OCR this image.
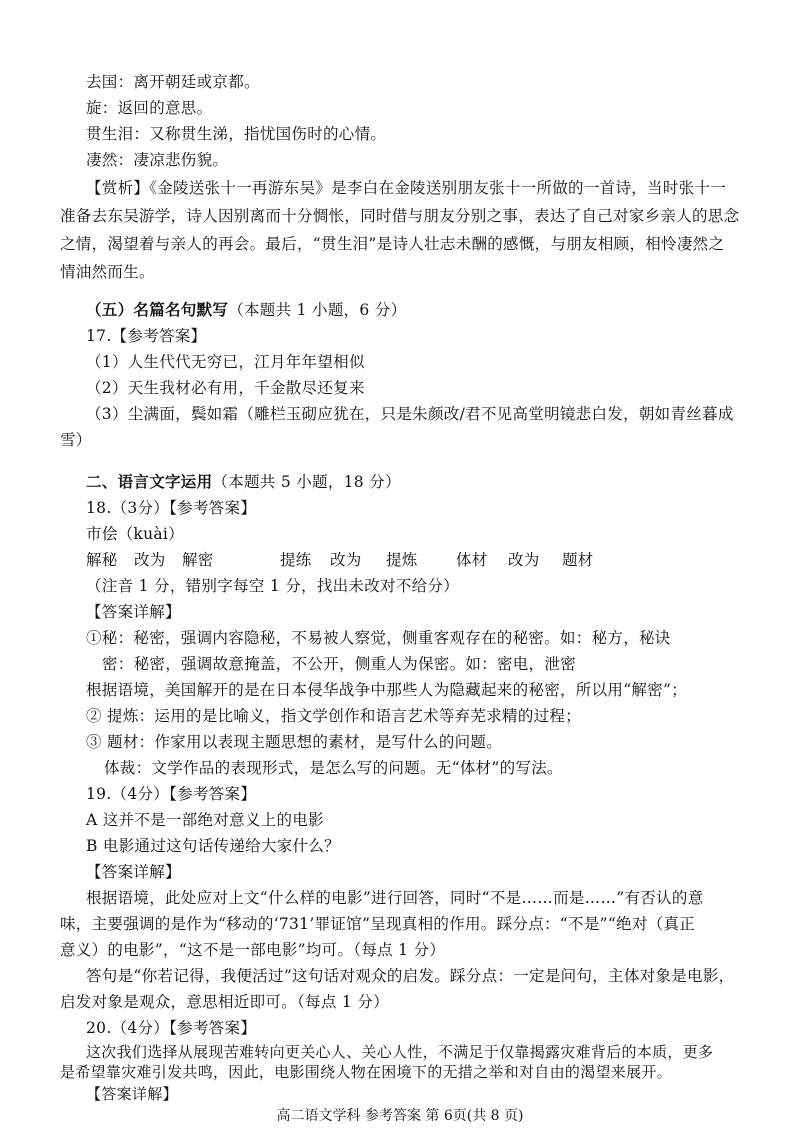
去国：离开朝廷或京都。
旋：返回的意思。
贯生泪：又称贯生涕，指忧国伤时的心情。
凄然：凄凉悲伤貌。
【赏析】《金陵送张十一再游东吴》是李白在金陵送别朋友张十一所做的一首诗，当时张十一
准备去东吴游学，诗人因别离而十分惆怅，同时借与朋友分别之事，表达了自己对家乡亲人的思念
之情，渴望着与亲人的再会。最后，“贯生泪”是诗人壮志未酬的感慨，与朋友相顾，相怜凄然之
情油然而生。
（五）名篇名句默写（本题共 1 小题，6 分）
17.【参考答案】
（1）人生代代无穷已，江月年年望相似
（2）天生我材必有用，千金散尽还复来
（3）尘满面，鬓如霜（雕栏玉砌应犹在，只是朱颜改/君不见高堂明镜悲白发，朝如青丝暮成
雪）
二、语言文字运用（本题共 5 小题，18 分）
18.（3分）【参考答案】
市侩（kuài）
解秘 改为 解密	提练 改为 提炼 体材 改为 题材
（注音 1 分，错别字每空 1 分，找出未改对不给分）
【答案详解】
①秘：秘密，强调内容隐秘，不易被人察觉，侧重客观存在的秘密。如：秘方，秘诀
密：秘密，强调故意掩盖，不公开，侧重人为保密。如：密电，泄密
根据语境，美国解开的是在日本侵华战争中那些人为隐藏起来的秘密，所以用“解密”；
② 提炼：运用的是比喻义，指文学创作和语言艺术等弃芜求精的过程；
③ 题材：作家用以表现主题思想的素材，是写什么的问题。
体裁：文学作品的表现形式，是怎么写的问题。无“体材”的写法。
19.（4分）【参考答案】
A 这并不是一部绝对意义上的电影
B 电影通过这句话传递给大家什么？
【答案详解】
根据语境，此处应对上文“什么样的电影”进行回答，同时“不是……而是……”有否认的意
味，主要强调的是作为“移动的‘731’罪证馆”呈现真相的作用。踩分点：“不是”“绝对（真正
意义）的电影”，“这不是一部电影”均可。（每点 1 分）
答句是“你若记得，我便活过”这句话对观众的启发。踩分点：一定是问句，主体对象是电影，
启发对象是观众，意思相近即可。（每点 1 分）
20.（4分）【参考答案】
这次我们选择从展现苦难转向更关心人、关心人性，不满足于仅靠揭露灾难背后的本质，更多
高二语文学科 参考答案 第 6页(共 8 页)
是希望靠灾难引发共鸣，因此，电影围绕人物在困境下的无措之举和对自由的渴望来展开。
【答案详解】
